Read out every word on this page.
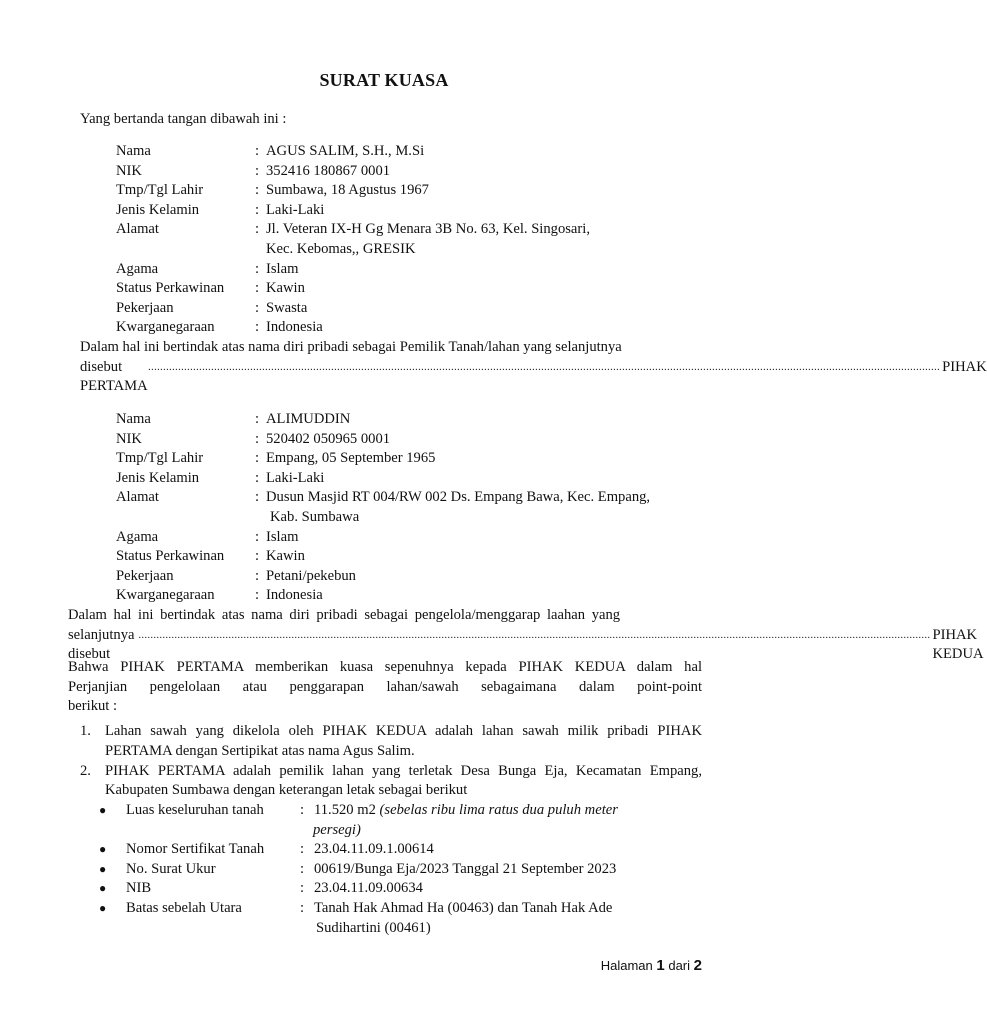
SURAT KUASA
Yang bertanda tangan dibawah ini :
Nama	: AGUS SALIM, S.H., M.Si
NIK	: 352416 180867 0001
Tmp/Tgl Lahir	: Sumbawa, 18 Agustus 1967
Jenis Kelamin	: Laki-Laki
Alamat	: Jl. Veteran IX-H Gg Menara 3B No. 63, Kel. Singosari,
Kec. Kebomas,, GRESIK
Agama	: Islam
Status Perkawinan : Kawin
Pekerjaan	: Swasta
Kwarganegaraan	: Indonesia
Dalam hal ini bertindak atas nama diri pribadi sebagai Pemilik Tanah/lahan yang selanjutnya
disebut	........................................................................................................................................................................................................................................................................ PIHAK
PERTAMA
Nama	: ALIMUDDIN
NIK	: 520402 050965 0001
Tmp/Tgl Lahir	: Empang, 05 September 1965
Jenis Kelamin	: Laki-Laki
Alamat	: Dusun Masjid RT 004/RW 002 Ds. Empang Bawa, Kec. Empang,
Kab. Sumbawa
Agama	: Islam
Status Perkawinan : Kawin
Pekerjaan	: Petani/pekebun
Kwarganegaraan	: Indonesia
Dalam hal ini bertindak atas nama diri pribadi sebagai pengelola/menggarap laahan yang
selanjutnya disebut
........................................................................................................................................................................................................................................................................ PIHAK KEDUA
Bahwa PIHAK PERTAMA memberikan kuasa sepenuhnya kepada PIHAK KEDUA dalam hal
Perjanjian pengelolaan atau penggarapan lahan/sawah sebagaimana dalam point-point
berikut :
1. Lahan sawah yang dikelola oleh PIHAK KEDUA adalah lahan sawah milik pribadi PIHAK
PERTAMA dengan Sertipikat atas nama Agus Salim.
2. PIHAK PERTAMA adalah pemilik lahan yang terletak Desa Bunga Eja, Kecamatan Empang,
Kabupaten Sumbawa dengan keterangan letak sebagai berikut
● Luas keseluruhan tanah : 11.520 m2 (sebelas ribu lima ratus dua puluh meter
persegi)
● Nomor Sertifikat Tanah : 23.04.11.09.1.00614
● No. Surat Ukur	: 00619/Bunga Eja/2023 Tanggal 21 September 2023
● NIB	: 23.04.11.09.00634
● Batas sebelah Utara	: Tanah Hak Ahmad Ha (00463) dan Tanah Hak Ade
Sudihartini (00461)
Halaman 1 dari 2
